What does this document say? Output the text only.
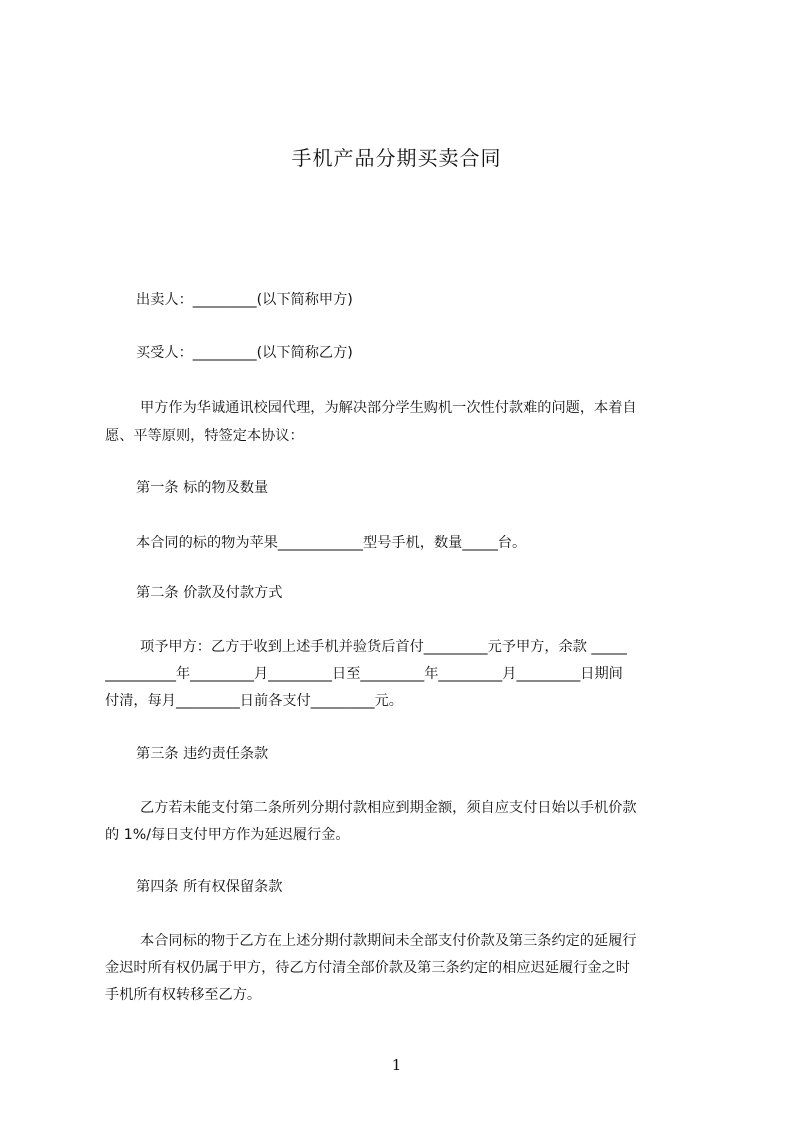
手机产品分期买卖合同
出卖人：_________(以下简称甲方)
买受人：_________(以下简称乙方)
甲方作为华诚通讯校园代理，为解决部分学生购机一次性付款难的问题，本着自
愿、平等原则，特签定本协议：
第一条 标的物及数量
本合同的标的物为苹果____________型号手机，数量_____台。
第二条 价款及付款方式
项予甲方：乙方于收到上述手机并验货后首付_________元予甲方，余款 _____
__________年_________月_________日至_________年_________月_________日期间
付清，每月_________日前各支付_________元。
第三条 违约责任条款
乙方若未能支付第二条所列分期付款相应到期金额，须自应支付日始以手机价款
的 1%/每日支付甲方作为延迟履行金。
第四条 所有权保留条款
本合同标的物于乙方在上述分期付款期间未全部支付价款及第三条约定的延履行
金迟时所有权仍属于甲方，待乙方付清全部价款及第三条约定的相应迟延履行金之时
手机所有权转移至乙方。
1
